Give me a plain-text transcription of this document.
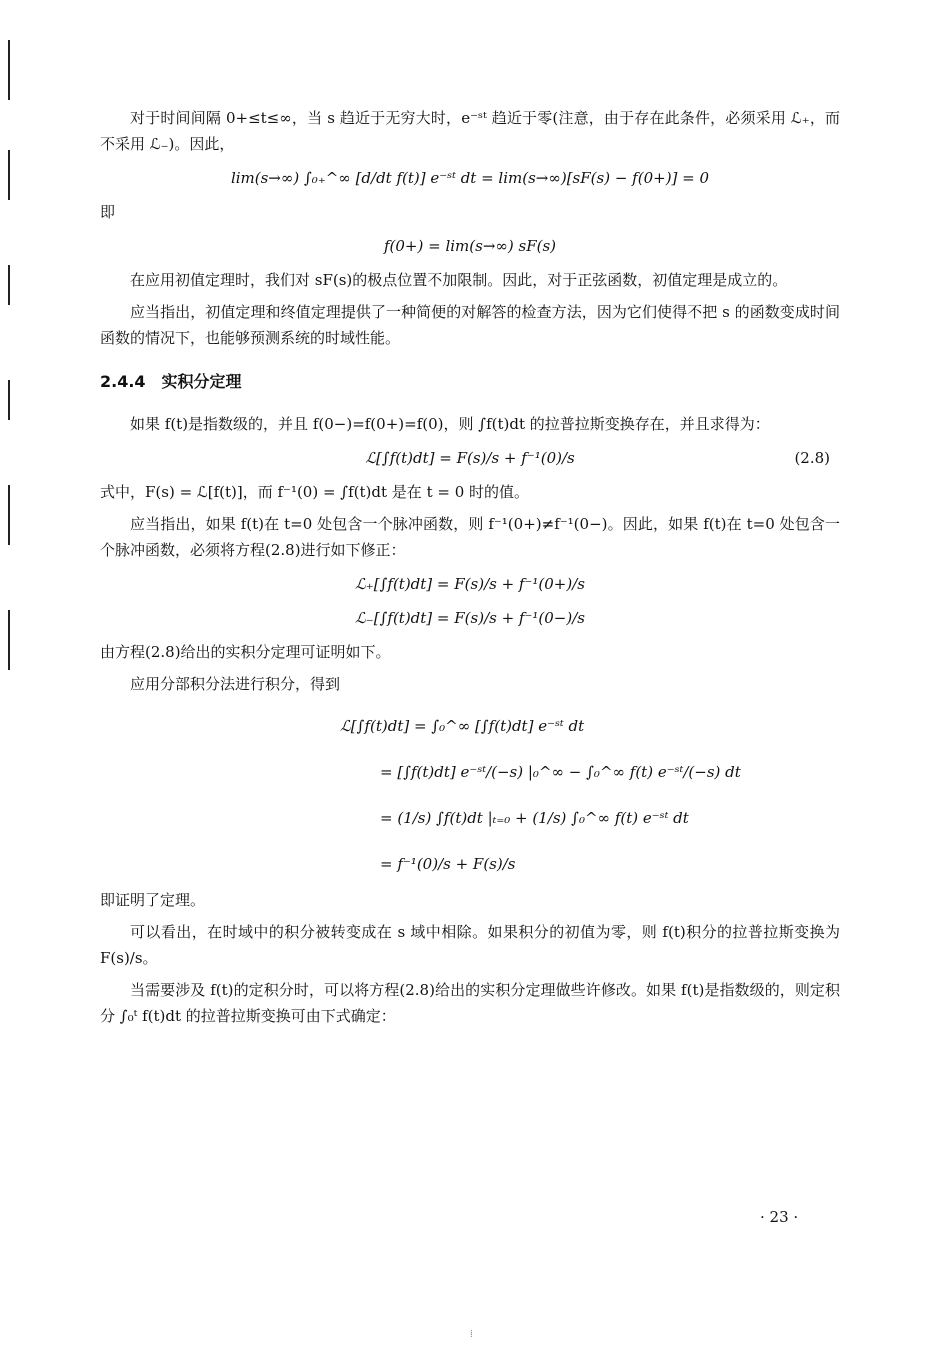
对于时间间隔 0+≤t≤∞，当 s 趋近于无穷大时，e⁻ˢᵗ 趋近于零(注意，由于存在此条件，必须采用 ℒ₊，而不采用 ℒ₋)。因此，

lim(s→∞) ∫₀₊^∞ [d/dt f(t)] e⁻ˢᵗ dt = lim(s→∞)[sF(s) − f(0+)] = 0

即

f(0+) = lim(s→∞) sF(s)

在应用初值定理时，我们对 sF(s)的极点位置不加限制。因此，对于正弦函数，初值定理是成立的。

应当指出，初值定理和终值定理提供了一种简便的对解答的检查方法，因为它们使得不把 s 的函数变成时间函数的情况下，也能够预测系统的时域性能。

2.4.4　实积分定理

如果 f(t)是指数级的，并且 f(0−)=f(0+)=f(0)，则 ∫f(t)dt 的拉普拉斯变换存在，并且求得为：

ℒ[∫f(t)dt] = F(s)/s + f⁻¹(0)/s	(2.8)

式中，F(s) = ℒ[f(t)]，而 f⁻¹(0) = ∫f(t)dt 是在 t = 0 时的值。

应当指出，如果 f(t)在 t=0 处包含一个脉冲函数，则 f⁻¹(0+)≠f⁻¹(0−)。因此，如果 f(t)在 t=0 处包含一个脉冲函数，必须将方程(2.8)进行如下修正：

ℒ₊[∫f(t)dt] = F(s)/s + f⁻¹(0+)/s
ℒ₋[∫f(t)dt] = F(s)/s + f⁻¹(0−)/s

由方程(2.8)给出的实积分定理可证明如下。

应用分部积分法进行积分，得到

ℒ[∫f(t)dt] = ∫₀^∞ [∫f(t)dt] e⁻ˢᵗ dt
= [∫f(t)dt] e⁻ˢᵗ/(−s) |₀^∞ − ∫₀^∞ f(t) e⁻ˢᵗ/(−s) dt
= (1/s) ∫f(t)dt |ₜ₌₀ + (1/s) ∫₀^∞ f(t) e⁻ˢᵗ dt
= f⁻¹(0)/s + F(s)/s

即证明了定理。

可以看出，在时域中的积分被转变成在 s 域中相除。如果积分的初值为零，则 f(t)积分的拉普拉斯变换为 F(s)/s。

当需要涉及 f(t)的定积分时，可以将方程(2.8)给出的实积分定理做些许修改。如果 f(t)是指数级的，则定积分 ∫₀ᵗ f(t)dt 的拉普拉斯变换可由下式确定：

· 23 ·
⁞
